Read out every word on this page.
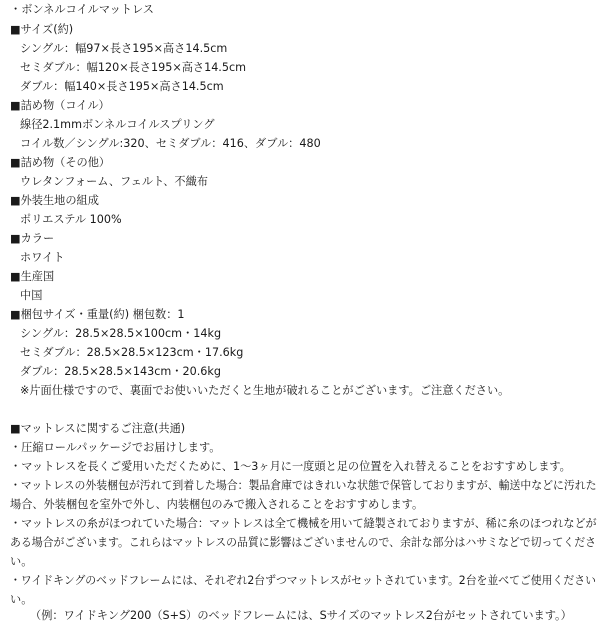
・ボンネルコイルマットレス
■サイズ(約)
シングル：幅97×長さ195×高さ14.5cm
セミダブル：幅120×長さ195×高さ14.5cm
ダブル：幅140×長さ195×高さ14.5cm
■詰め物（コイル）
線径2.1mmボンネルコイルスプリング
コイル数／シングル:320、セミダブル：416、ダブル：480
■詰め物（その他）
ウレタンフォーム、フェルト、不織布
■外装生地の組成
ポリエステル 100%
■カラー
ホワイト
■生産国
中国
■梱包サイズ・重量(約) 梱包数：1
シングル：28.5×28.5×100cm・14kg
セミダブル：28.5×28.5×123cm・17.6kg
ダブル：28.5×28.5×143cm・20.6kg
※片面仕様ですので、裏面でお使いいただくと生地が破れることがございます。ご注意ください。
■マットレスに関するご注意(共通)
・圧縮ロールパッケージでお届けします。
・マットレスを長くご愛用いただくために、1～3ヶ月に一度頭と足の位置を入れ替えることをおすすめします。
・マットレスの外装梱包が汚れて到着した場合：製品倉庫ではきれいな状態で保管しておりますが、輸送中などに汚れた
場合、外装梱包を室外で外し、内装梱包のみで搬入されることをおすすめします。
・マットレスの糸がほつれていた場合：マットレスは全て機械を用いて縫製されておりますが、稀に糸のほつれなどが
ある場合がございます。これらはマットレスの品質に影響はございませんので、余計な部分はハサミなどで切ってくださ
い。
・ワイドキングのベッドフレームには、それぞれ2台ずつマットレスがセットされています。2台を並べてご使用ください
い。
（例：ワイドキング200（S+S）のベッドフレームには、Sサイズのマットレス2台がセットされています。）
